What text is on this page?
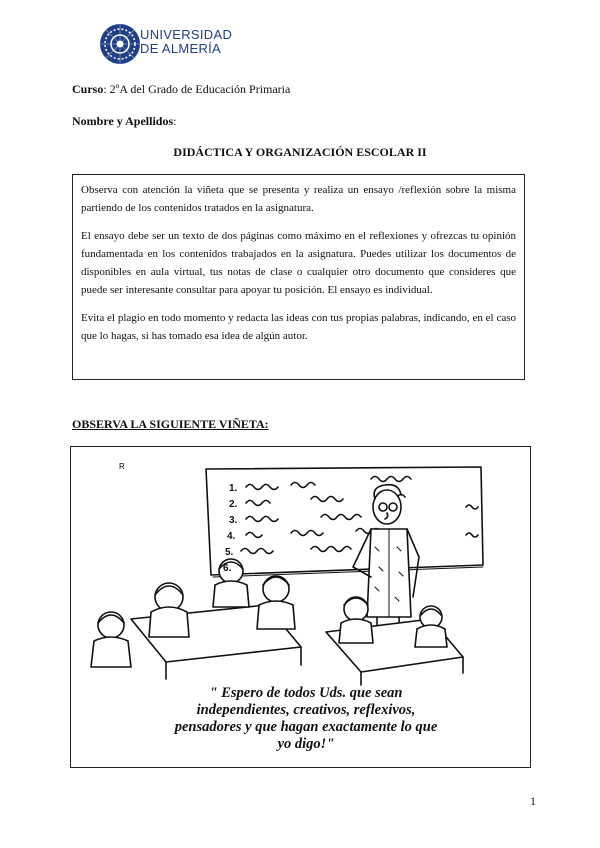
UNIVERSIDAD
DE ALMERÍA
Curso: 2ºA del Grado de Educación Primaria
Nombre y Apellidos:
DIDÁCTICA Y ORGANIZACIÓN ESCOLAR II

Observa con atención la viñeta que se presenta y realiza un ensayo /reflexión sobre la misma partiendo de los contenidos tratados en la asignatura.

El ensayo debe ser un texto de dos páginas como máximo en el reflexiones y ofrezcas tu opinión fundamentada en los contenidos trabajados en la asignatura. Puedes utilizar los documentos de disponibles en aula virtual, tus notas de clase o cualquier otro documento que consideres que puede ser interesante consultar para apoyar tu posición. El ensayo es individual.

Evita el plagio en todo momento y redacta las ideas con tus propias palabras, indicando, en el caso que lo hagas, si has tomado esa idea de algún autor.

OBSERVA LA SIGUIENTE VIÑETA:
R
1.
2.
3.
4.
5.
6.
" Espero de todos Uds. que sean independientes, creativos, reflexivos, pensadores y que hagan exactamente lo que yo digo!"
1
